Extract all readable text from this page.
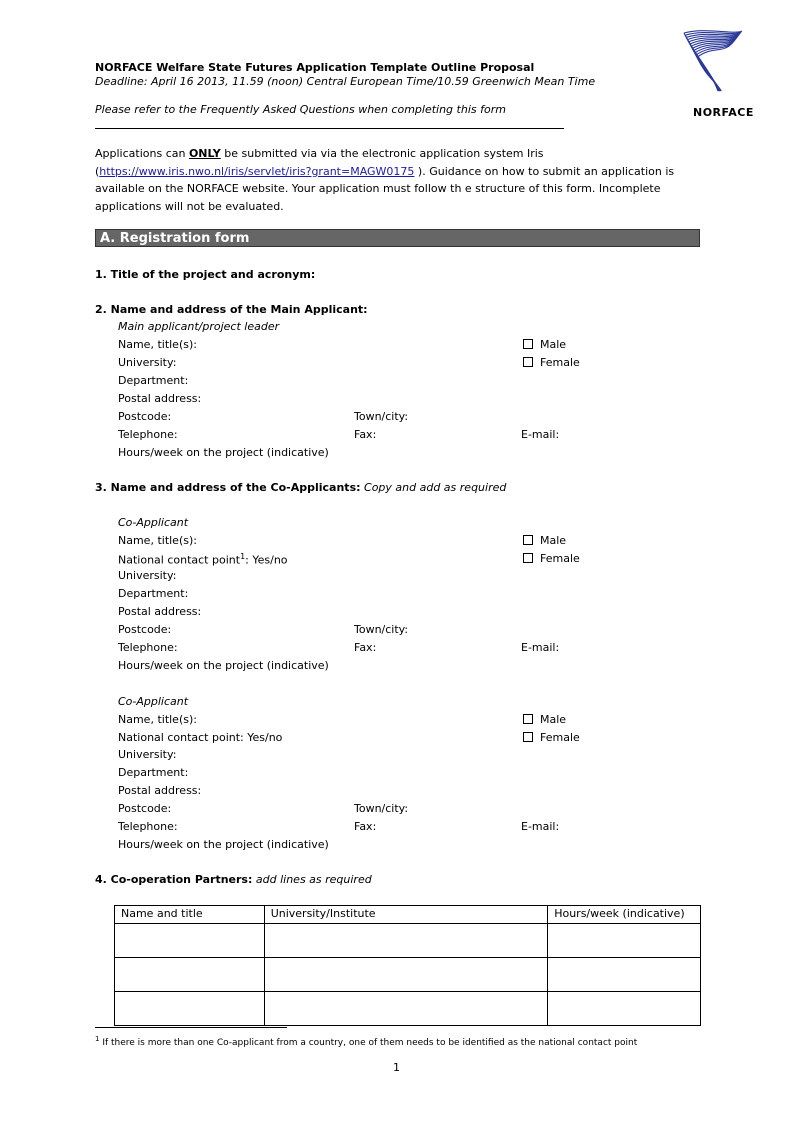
NORFACE Welfare State Futures Application Template Outline Proposal
Deadline: April 16 2013, 11.59 (noon) Central European Time/10.59 Greenwich Mean Time
Please refer to the Frequently Asked Questions when completing this form	NORFACE
Applications can ONLY be submitted via via the electronic application system Iris (https://www.iris.nwo.nl/iris/servlet/iris?grant=MAGW0175 ). Guidance on how to submit an application is available on the NORFACE website. Your application must follow th e structure of this form. Incomplete applications will not be evaluated.
A. Registration form
1. Title of the project and acronym:
2. Name and address of the Main Applicant:
Main applicant/project leader
Name, title(s):	Male
University:	Female
Department:
Postal address:
Postcode:	Town/city:
Telephone:	Fax:	E-mail:
Hours/week on the project (indicative)
3. Name and address of the Co-Applicants: Copy and add as required
Co-Applicant
Name, title(s):	Male
National contact point$^1$: Yes/no	Female
University:
Department:
Postal address:
Postcode:	Town/city:
Telephone:	Fax:	E-mail:
Hours/week on the project (indicative)
Co-Applicant
Name, title(s):	Male
National contact point: Yes/no	Female
University:
Department:
Postal address:
Postcode:	Town/city:
Telephone:	Fax:	E-mail:
Hours/week on the project (indicative)
4. Co-operation Partners: add lines as required
Name and title	University/Institute	Hours/week (indicative)

$^1$ If there is more than one Co-applicant from a country, one of them needs to be identified as the national contact point
1
